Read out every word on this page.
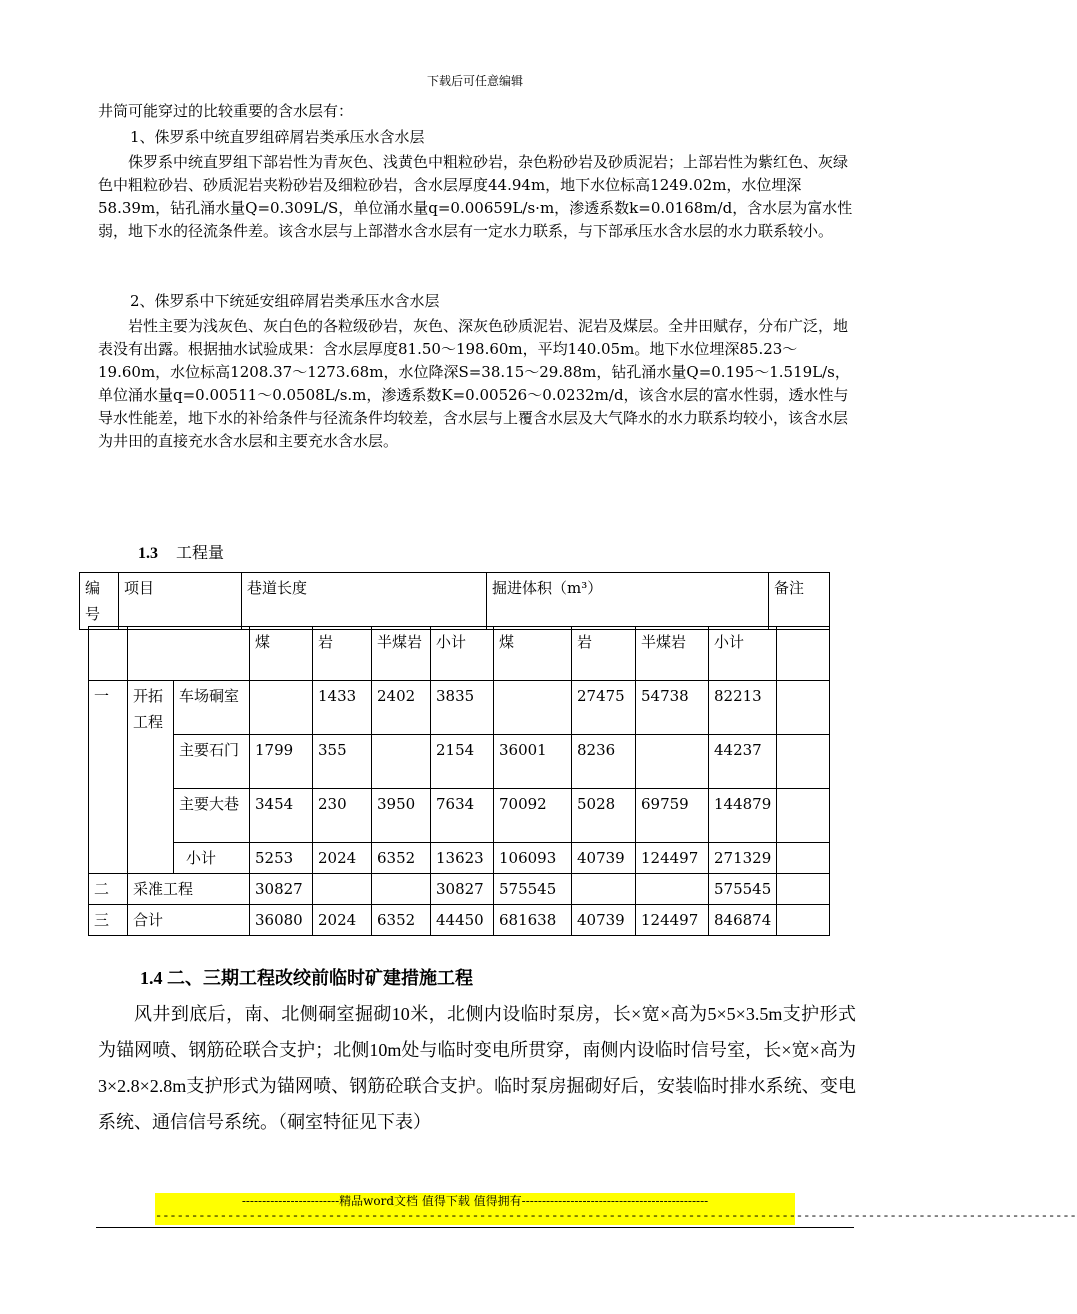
下载后可任意编辑
井筒可能穿过的比较重要的含水层有：
1、侏罗系中统直罗组碎屑岩类承压水含水层
侏罗系中统直罗组下部岩性为青灰色、浅黄色中粗粒砂岩，杂色粉砂岩及砂质泥岩；上部岩性为紫红色、灰绿色中粗粒砂岩、砂质泥岩夹粉砂岩及细粒砂岩，含水层厚度44.94m，地下水位标高1249.02m，水位埋深58.39m，钻孔涌水量Q=0.309L/S，单位涌水量q=0.00659L/s·m，渗透系数k=0.0168m/d，含水层为富水性弱，地下水的径流条件差。该含水层与上部潜水含水层有一定水力联系，与下部承压水含水层的水力联系较小。
2、侏罗系中下统延安组碎屑岩类承压水含水层
岩性主要为浅灰色、灰白色的各粒级砂岩，灰色、深灰色砂质泥岩、泥岩及煤层。全井田赋存，分布广泛，地表没有出露。根据抽水试验成果：含水层厚度81.50～198.60m，平均140.05m。地下水位埋深85.23～19.60m，水位标高1208.37～1273.68m，水位降深S=38.15～29.88m，钻孔涌水量Q=0.195～1.519L/s，单位涌水量q=0.00511～0.0508L/s.m，渗透系数K=0.00526～0.0232m/d，该含水层的富水性弱，透水性与导水性能差，地下水的补给条件与径流条件均较差，含水层与上覆含水层及大气降水的水力联系均较小，该含水层为井田的直接充水含水层和主要充水含水层。
1.3 工程量
编号	项目	巷道长度	掘进体积（m³）	备注
			煤	岩	半煤岩	小计	煤	岩	半煤岩	小计	
一	开拓工程	车场硐室		1433	2402	3835		27475	54738	82213	
		主要石门	1799	355		2154	36001	8236		44237	
		主要大巷	3454	230	3950	7634	70092	5028	69759	144879	
		小计	5253	2024	6352	13623	106093	40739	124497	271329	
二	采准工程		30827			30827	575545			575545	
三	合计		36080	2024	6352	44450	681638	40739	124497	846874	
1.4 二、三期工程改绞前临时矿建措施工程
风井到底后，南、北侧硐室掘砌10米，北侧内设临时泵房，长×宽×高为5×5×3.5m支护形式为锚网喷、钢筋砼联合支护；北侧10m处与临时变电所贯穿，南侧内设临时信号室，长×宽×高为3×2.8×2.8m支护形式为锚网喷、钢筋砼联合支护。临时泵房掘砌好后，安装临时排水系统、变电系统、通信信号系统。（硐室特征见下表）
------------------------精品word文档 值得下载 值得拥有----------------------------------------------
--------------------------------------------------------------------------------------------------------------------------------
